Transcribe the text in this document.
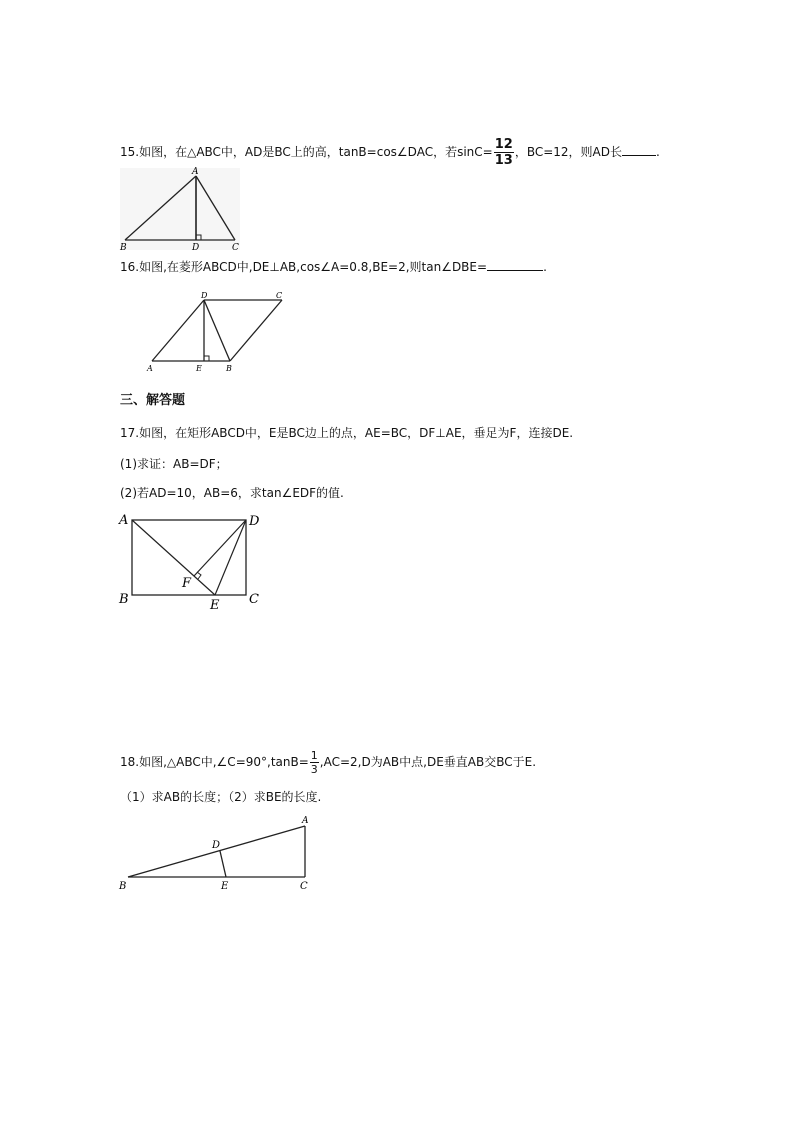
15.如图，在△ABC中，AD是BC上的高，tanB=cos∠DAC，若$\sin C= \frac{12}{13}$ ，BC=12，则AD长	.
A
B	D	C
16.如图,在菱形ABCD中,DE⊥AB,cos∠A=0.8,BE=2,则tan∠DBE=	.
D	C
A	E	B
三、解答题
17.如图，在矩形ABCD中，E是BC边上的点，AE=BC，DF⊥AE，垂足为F，连接DE.
(1)求证：AB=DF；
(2)若AD=10，AB=6，求tan∠EDF的值.
A	D
B	C
F
E
18.如图,△ABC中,∠C=90°,tanB= $\frac{1}{3} ,AC=2,D$为AB中点,DE垂直AB交BC于E.
（1）求AB的长度；（2）求BE的长度.
A
D
B	E	C
